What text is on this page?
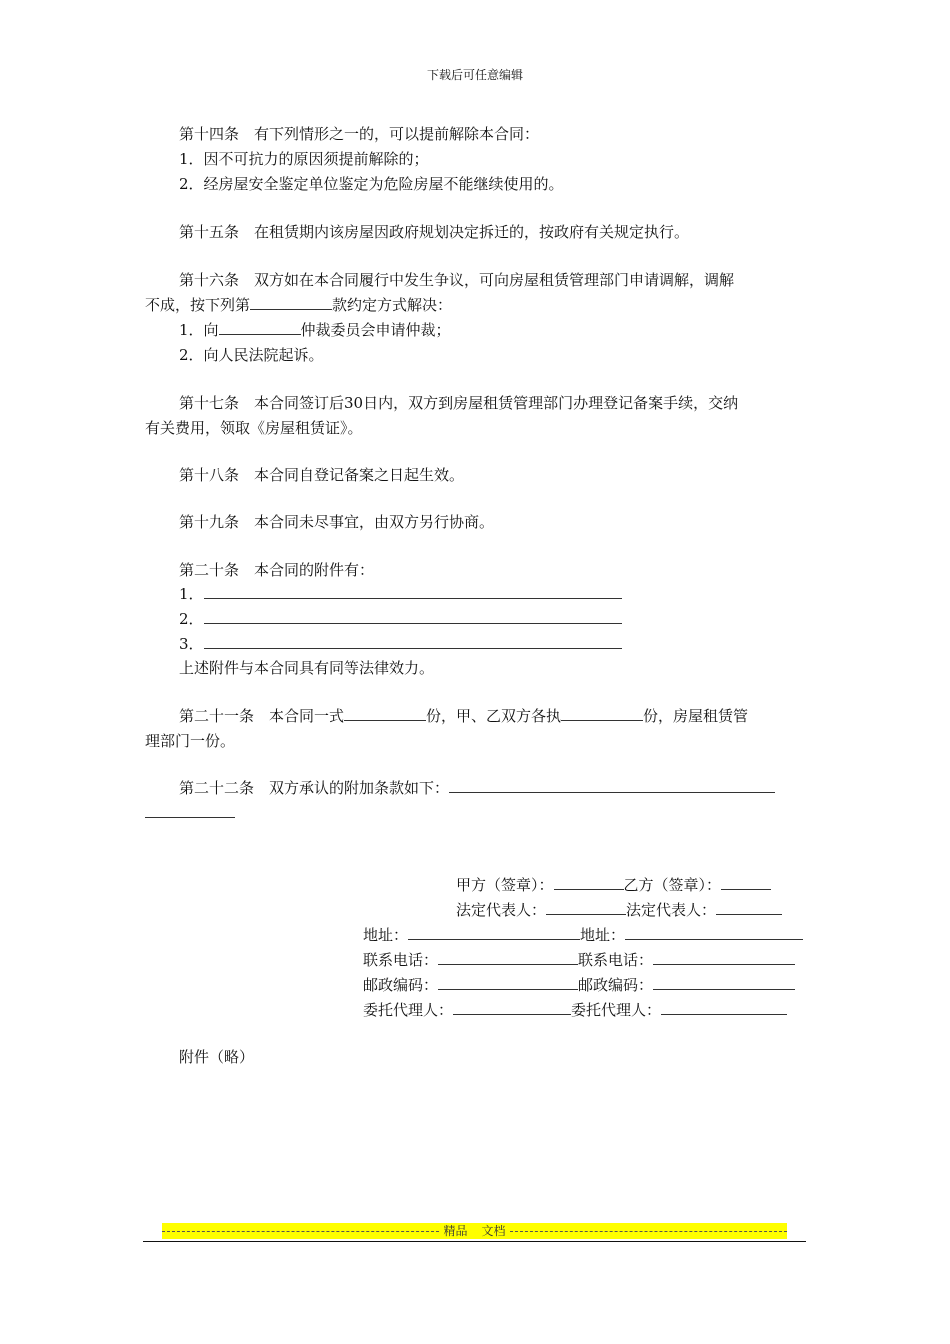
下载后可任意编辑
第十四条 有下列情形之一的，可以提前解除本合同：
1．因不可抗力的原因须提前解除的；
2．经房屋安全鉴定单位鉴定为危险房屋不能继续使用的。
第十五条 在租赁期内该房屋因政府规划决定拆迁的，按政府有关规定执行。
第十六条 双方如在本合同履行中发生争议，可向房屋租赁管理部门申请调解，调解
不成，按下列第	款约定方式解决：
1．向	仲裁委员会申请仲裁；
2．向人民法院起诉。
第十七条 本合同签订后30日内，双方到房屋租赁管理部门办理登记备案手续，交纳
有关费用，领取《房屋租赁证》。
第十八条 本合同自登记备案之日起生效。
第十九条 本合同未尽事宜，由双方另行协商。
第二十条 本合同的附件有：
1．
2．
3．
上述附件与本合同具有同等法律效力。
第二十一条 本合同一式	份，甲、乙双方各执	份，房屋租赁管
理部门一份。
第二十二条 双方承认的附加条款如下：
甲方（签章）：	乙方（签章）：
法定代表人：	法定代表人：
地址：	地址：
联系电话：	联系电话：
邮政编码：	邮政编码：
委托代理人：	委托代理人：
附件（略）
精品 文档
